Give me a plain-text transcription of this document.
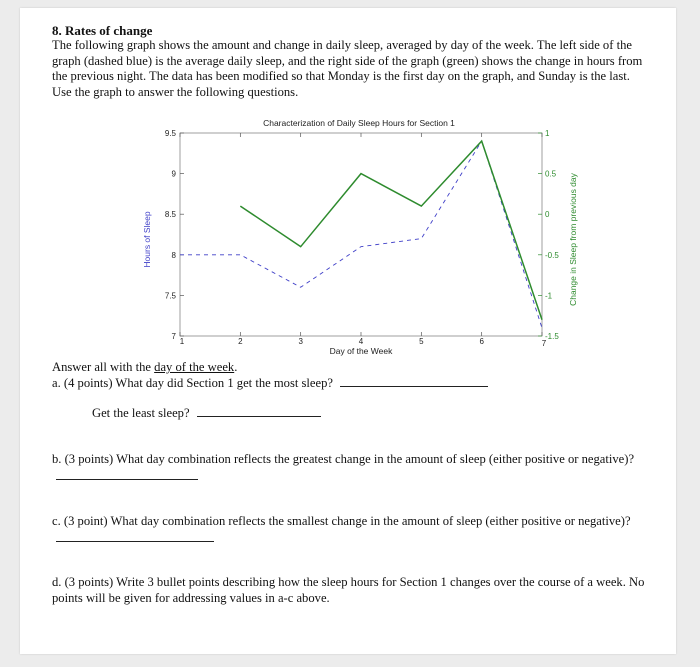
8. Rates of change
The following graph shows the amount and change in daily sleep, averaged by day of the week. The left side of the graph (dashed blue) is the average daily sleep, and the right side of the graph (green) shows the change in hours from the previous night. The data has been modified so that Monday is the first day on the graph, and Sunday is the last. Use the graph to answer the following questions.
Characterization of Daily Sleep Hours for Section 1
1	2	3	4	5	6	7
Day of the Week
7
7.5
8
8.5
9
9.5
Hours of Sleep
-1.5
-1
-0.5
0
0.5
1
Change in Sleep from previous day
Answer all with the day of the week.
a. (4 points) What day did Section 1 get the most sleep?
Get the least sleep?
b. (3 points) What day combination reflects the greatest change in the amount of sleep (either positive or negative)?
c. (3 point) What day combination reflects the smallest change in the amount of sleep (either positive or negative)?
d. (3 points) Write 3 bullet points describing how the sleep hours for Section 1 changes over the course of a week. No points will be given for addressing values in a-c above.
